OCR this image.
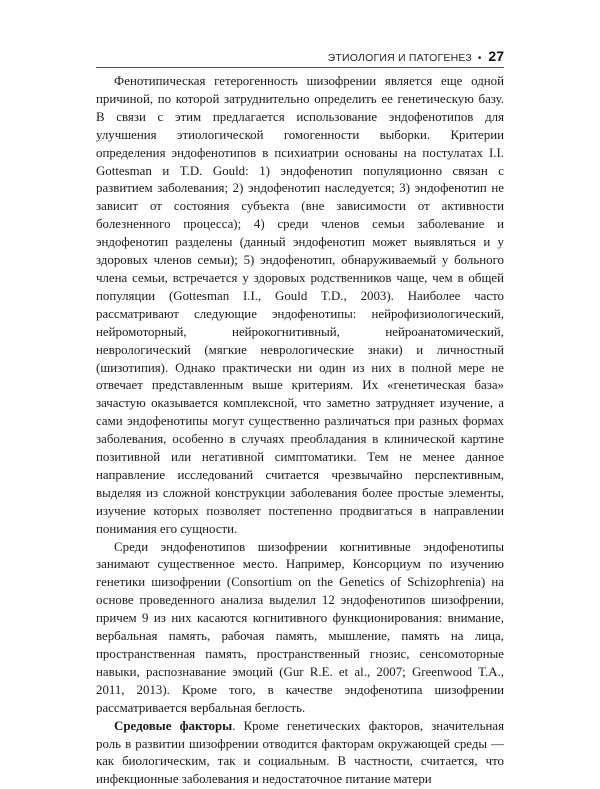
ЭТИОЛОГИЯ И ПАТОГЕНЕЗ • 27

Фенотипическая гетерогенность шизофрении является еще одной причиной, по которой затруднительно определить ее генетическую базу. В связи с этим предлагается использование эндофенотипов для улучшения этиологической гомогенности выборки. Критерии определения эндофенотипов в психиатрии основаны на постулатах I.I. Gottesman и T.D. Gould: 1) эндофенотип популяционно связан с развитием заболевания; 2) эндофенотип наследуется; 3) эндофенотип не зависит от состояния субъекта (вне зависимости от активности болезненного процесса); 4) среди членов семьи заболевание и эндофенотип разделены (данный эндофенотип может выявляться и у здоровых членов семьи); 5) эндофенотип, обнаруживаемый у больного члена семьи, встречается у здоровых родственников чаще, чем в общей популяции (Gottesman I.I., Gould T.D., 2003). Наиболее часто рассматривают следующие эндофенотипы: нейрофизиологический, нейромоторный, нейрокогнитивный, нейроанатомический, неврологический (мягкие неврологические знаки) и личностный (шизотипия). Однако практически ни один из них в полной мере не отвечает представленным выше критериям. Их «генетическая база» зачастую оказывается комплексной, что заметно затрудняет изучение, а сами эндофенотипы могут существенно различаться при разных формах заболевания, особенно в случаях преобладания в клинической картине позитивной или негативной симптоматики. Тем не менее данное направление исследований считается чрезвычайно перспективным, выделяя из сложной конструкции заболевания более простые элементы, изучение которых позволяет постепенно продвигаться в направлении понимания его сущности.

Среди эндофенотипов шизофрении когнитивные эндофенотипы занимают существенное место. Например, Консорциум по изучению генетики шизофрении (Consortium on the Genetics of Schizophrenia) на основе проведенного анализа выделил 12 эндофенотипов шизофрении, причем 9 из них касаются когнитивного функционирования: внимание, вербальная память, рабочая память, мышление, память на лица, пространственная память, пространственный гнозис, сенсомоторные навыки, распознавание эмоций (Gur R.E. et al., 2007; Greenwood T.A., 2011, 2013). Кроме того, в качестве эндофенотипа шизофрении рассматривается вербальная беглость.

Средовые факторы. Кроме генетических факторов, значительная роль в развитии шизофрении отводится факторам окружающей среды — как биологическим, так и социальным. В частности, считается, что инфекционные заболевания и недостаточное питание матери
